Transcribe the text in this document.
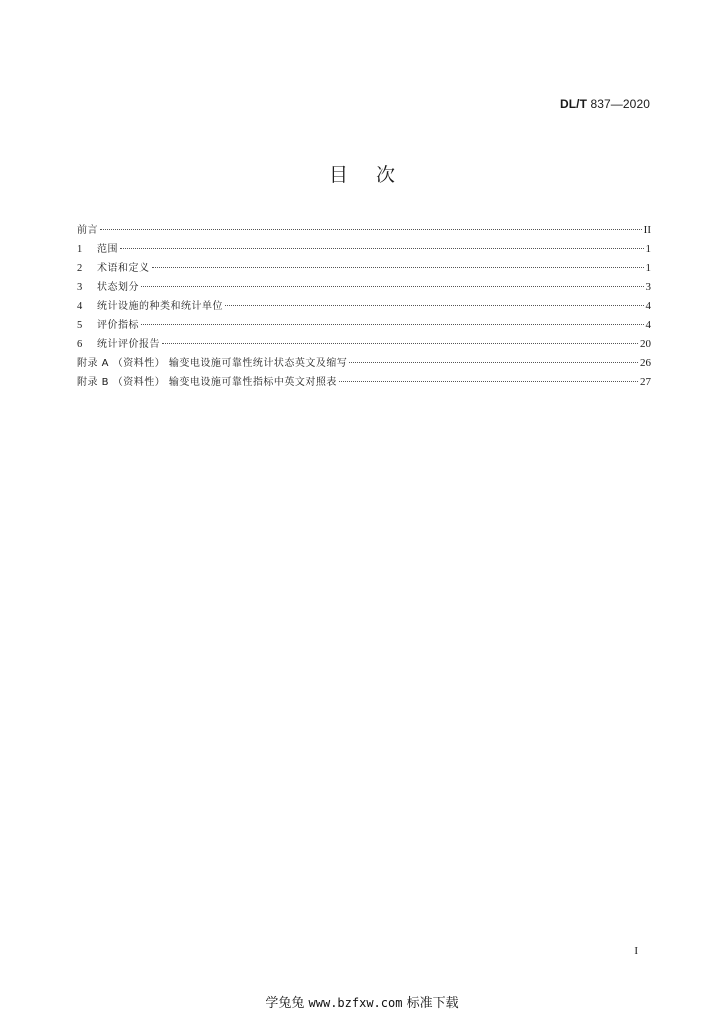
DL/T 837—2020
目次
前言	II
1	范围	1
2	术语和定义	1
3	状态划分	3
4	统计设施的种类和统计单位	4
5	评价指标	4
6	统计评价报告	20
附录 A （资料性） 输变电设施可靠性统计状态英文及缩写	26
附录 B （资料性） 输变电设施可靠性指标中英文对照表	27
I
学兔兔 www.bzfxw.com 标准下载
